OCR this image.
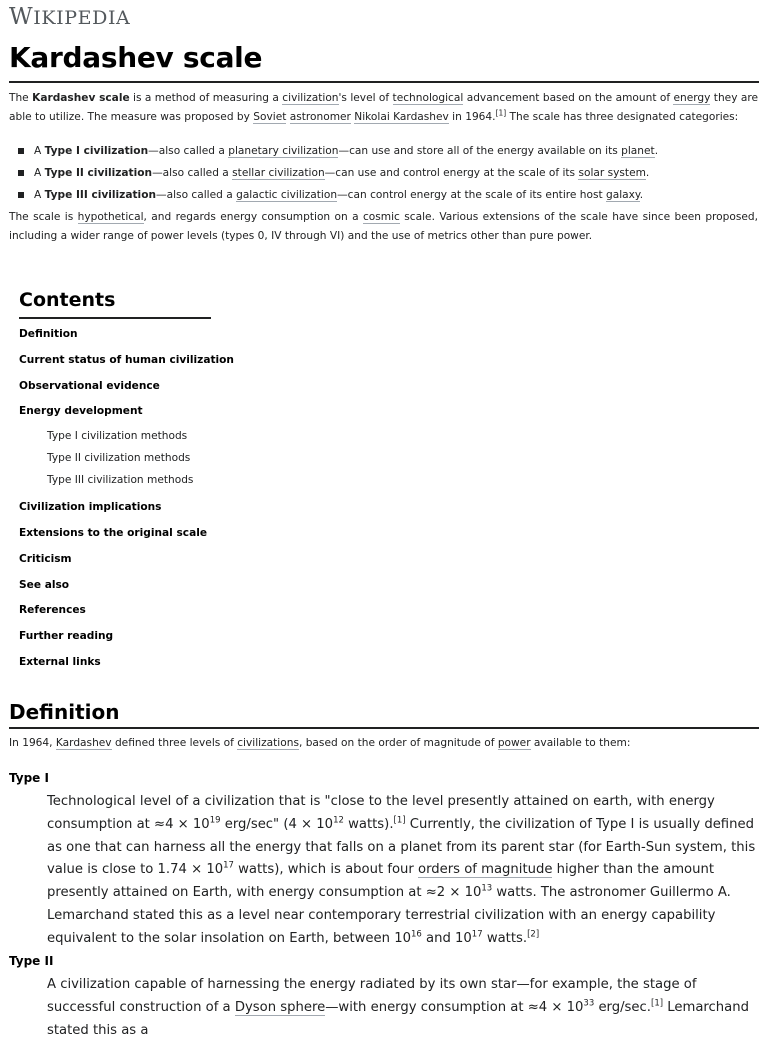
WIKIPEDIA
Kardashev scale

The Kardashev scale is a method of measuring a civilization's level of technological advancement based on the amount of energy they are able to utilize. The measure was proposed by Soviet astronomer Nikolai Kardashev in 1964.[1] The scale has three designated categories:

A Type I civilization—also called a planetary civilization—can use and store all of the energy available on its planet.
A Type II civilization—also called a stellar civilization—can use and control energy at the scale of its solar system.
A Type III civilization—also called a galactic civilization—can control energy at the scale of its entire host galaxy.

The scale is hypothetical, and regards energy consumption on a cosmic scale. Various extensions of the scale have since been proposed, including a wider range of power levels (types 0, IV through VI) and the use of metrics other than pure power.

Contents
Definition
Current status of human civilization
Observational evidence
Energy development
Type I civilization methods
Type II civilization methods
Type III civilization methods
Civilization implications
Extensions to the original scale
Criticism
See also
References
Further reading
External links
Definition

In 1964, Kardashev defined three levels of civilizations, based on the order of magnitude of power available to them:

Type I

Technological level of a civilization that is "close to the level presently attained on earth, with energy consumption at $\approx 4 \times 10^{19}$ erg/sec" ($4 \times 10^{12}$ watts).[1] Currently, the civilization of Type I is usually defined as one that can harness all the energy that falls on a planet from its parent star (for Earth-Sun system, this value is close to $1.74 \times 10^{17}$ watts), which is about four orders of magnitude higher than the amount presently attained on Earth, with energy consumption at $\approx 2 \times 10^{13}$ watts. The astronomer Guillermo A. Lemarchand stated this as a level near contemporary terrestrial civilization with an energy capability equivalent to the solar insolation on Earth, between $10^{16}$ and $10^{17}$ watts.[2]

Type II

A civilization capable of harnessing the energy radiated by its own star—for example, the stage of successful construction of a Dyson sphere—with energy consumption at $\approx 4 \times 10^{33}$ erg/sec.[1] Lemarchand stated this as a
